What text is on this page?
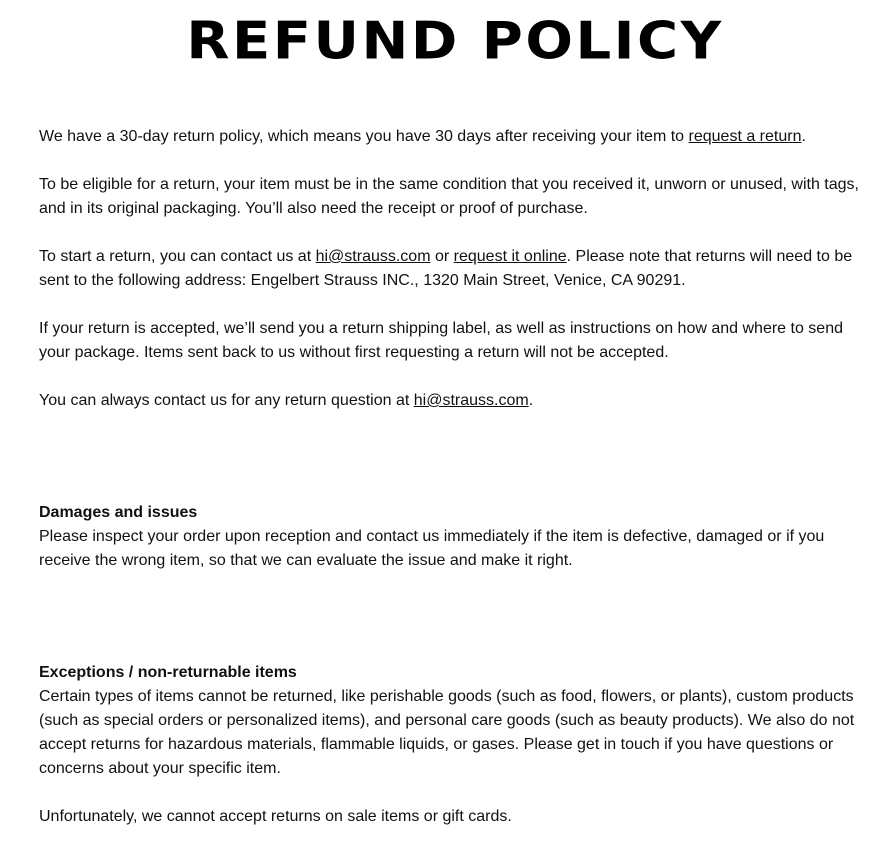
REFUND POLICY

We have a 30-day return policy, which means you have 30 days after receiving your item to request a return.

To be eligible for a return, your item must be in the same condition that you received it, unworn or unused, with tags, and in its original packaging. You’ll also need the receipt or proof of purchase.

To start a return, you can contact us at hi@strauss.com or request it online. Please note that returns will need to be sent to the following address: Engelbert Strauss INC., 1320 Main Street, Venice, CA 90291.

If your return is accepted, we’ll send you a return shipping label, as well as instructions on how and where to send your package. Items sent back to us without first requesting a return will not be accepted.

You can always contact us for any return question at hi@strauss.com.

Damages and issues
Please inspect your order upon reception and contact us immediately if the item is defective, damaged or if you receive the wrong item, so that we can evaluate the issue and make it right.

Exceptions / non-returnable items
Certain types of items cannot be returned, like perishable goods (such as food, flowers, or plants), custom products (such as special orders or personalized items), and personal care goods (such as beauty products). We also do not accept returns for hazardous materials, flammable liquids, or gases. Please get in touch if you have questions or concerns about your specific item.

Unfortunately, we cannot accept returns on sale items or gift cards.
